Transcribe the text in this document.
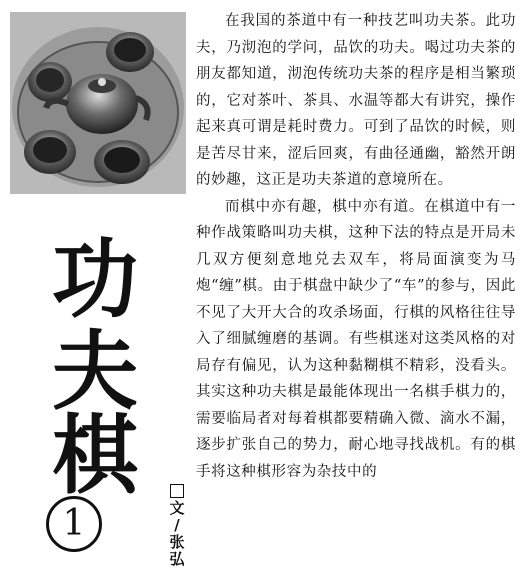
功
夫
棋
1	文
/
张
弘

在我国的茶道中有一种技艺叫功夫茶。此功夫，乃沏泡的学问，品饮的功夫。喝过功夫茶的朋友都知道，沏泡传统功夫茶的程序是相当繁琐的，它对茶叶、茶具、水温等都大有讲究，操作起来真可谓是耗时费力。可到了品饮的时候，则是苦尽甘来，涩后回爽，有曲径通幽，豁然开朗的妙趣，这正是功夫茶道的意境所在。

而棋中亦有趣，棋中亦有道。在棋道中有一种作战策略叫功夫棋，这种下法的特点是开局未几双方便刻意地兑去双车，将局面演变为马炮“缠”棋。由于棋盘中缺少了“车”的参与，因此不见了大开大合的攻杀场面，行棋的风格往往导入了细腻缠磨的基调。有些棋迷对这类风格的对局存有偏见，认为这种黏糊棋不精彩，没看头。其实这种功夫棋是最能体现出一名棋手棋力的，需要临局者对每着棋都要精确入微、滴水不漏，逐步扩张自己的势力，耐心地寻找战机。有的棋手将这种棋形容为杂技中的
